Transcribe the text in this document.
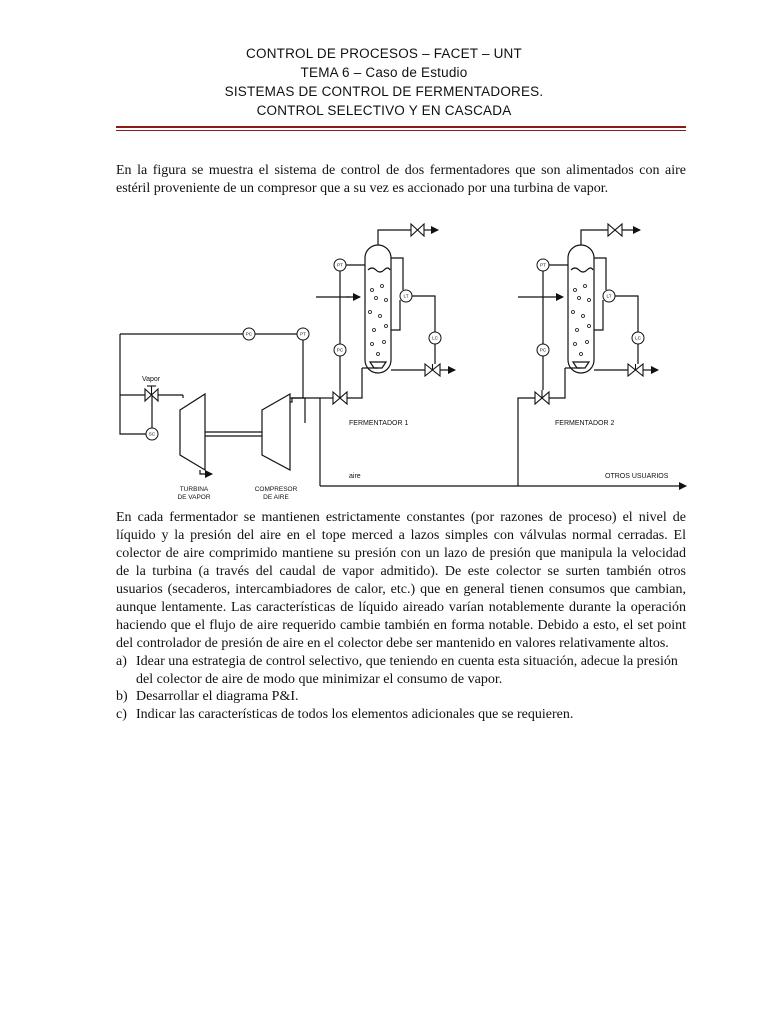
CONTROL DE PROCESOS – FACET – UNT
TEMA 6 – Caso de Estudio
SISTEMAS DE CONTROL DE FERMENTADORES.
CONTROL SELECTIVO Y EN CASCADA
En la figura se muestra el sistema de control de dos fermentadores que son alimentados con aire estéril proveniente de un compresor que a su vez es accionado por una turbina de vapor.
PC	PT
SC
PT
PC
LT
LC
PT
PC
LT
LC
Vapor
TURBINA
DE VAPOR
COMPRESOR
DE AIRE
FERMENTADOR 1	FERMENTADOR 2
aire	OTROS USUARIOS
En cada fermentador se mantienen estrictamente constantes (por razones de proceso) el nivel de líquido y la presión del aire en el tope merced a lazos simples con válvulas normal cerradas. El colector de aire comprimido mantiene su presión con un lazo de presión que manipula la velocidad de la turbina (a través del caudal de vapor admitido). De este colector se surten también otros usuarios (secaderos, intercambiadores de calor, etc.) que en general tienen consumos que cambian, aunque lentamente. Las características de líquido aireado varían notablemente durante la operación haciendo que el flujo de aire requerido cambie también en forma notable. Debido a esto, el set point del controlador de presión de aire en el colector debe ser mantenido en valores relativamente altos.
a) Idear una estrategia de control selectivo, que teniendo en cuenta esta situación, adecue la presión del colector de aire de modo que minimizar el consumo de vapor.
b) Desarrollar el diagrama P&I.
c) Indicar las características de todos los elementos adicionales que se requieren.
